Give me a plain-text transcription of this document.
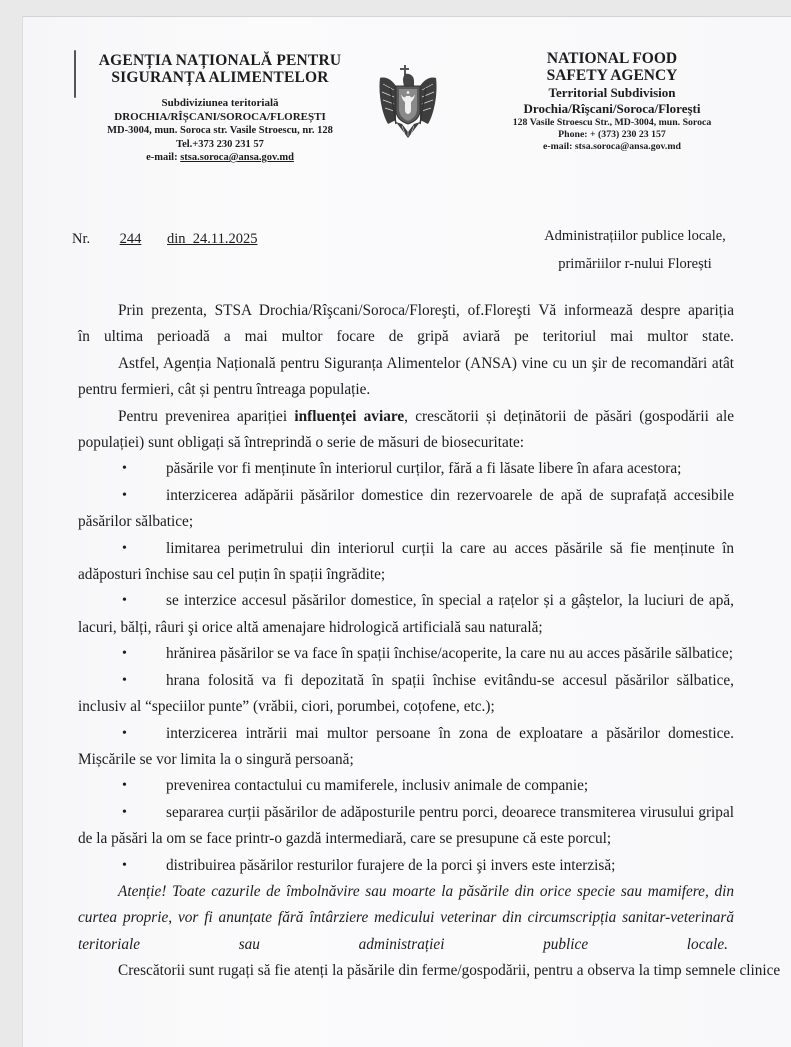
AGENȚIA NAȚIONALĂ PENTRU
SIGURANȚA ALIMENTELOR
Subdiviziunea teritorială
DROCHIA/RÎȘCANI/SOROCA/FLOREȘTI
MD-3004, mun. Soroca str. Vasile Stroescu, nr. 128
Tel.+373 230 231 57
e-mail: stsa.soroca@ansa.gov.md
NATIONAL FOOD
SAFETY AGENCY
Territorial Subdivision
Drochia/Rîşcani/Soroca/Floreşti
128 Vasile Stroescu Str., MD-3004, mun. Soroca
Phone: + (373) 230 23 157
e-mail: stsa.soroca@ansa.gov.md
Nr. 244 din  24.11.2025	Administrațiilor publice locale,
primăriilor r-nului Florești

Prin prezenta, STSA Drochia/Rîşcani/Soroca/Floreşti, of.Floreşti Vă informează despre apariția

în ultima perioadă a mai multor focare de gripă aviară pe teritoriul mai multor state.

Astfel, Agenția Națională pentru Siguranța Alimentelor (ANSA) vine cu un şir de recomandări atât pentru fermieri, cât și pentru întreaga populație.

Pentru prevenirea apariției influenței aviare, crescătorii și deținătorii de păsări (gospodării ale populației) sunt obligați să întreprindă o serie de măsuri de biosecuritate:

•	păsările vor fi menținute în interiorul curților, fără a fi lăsate libere în afara acestora;

•	interzicerea adăpării păsărilor domestice din rezervoarele de apă de suprafață accesibile păsărilor sălbatice;

•	limitarea perimetrului din interiorul curții la care au acces păsările să fie menținute în adăposturi închise sau cel puțin în spații îngrădite;

•	se interzice accesul păsărilor domestice, în special a rațelor și a gâștelor, la luciuri de apă, lacuri, bălți, râuri şi orice altă amenajare hidrologică artificială sau naturală;

•	hrănirea păsărilor se va face în spații închise/acoperite, la care nu au acces păsările sălbatice;

•	hrana folosită va fi depozitată în spații închise evitându-se accesul păsărilor sălbatice, inclusiv al “speciilor punte” (vrăbii, ciori, porumbei, coțofene, etc.);

•	interzicerea intrării mai multor persoane în zona de exploatare a păsărilor domestice. Mișcările se vor limita la o singură persoană;

•	prevenirea contactului cu mamiferele, inclusiv animale de companie;

•	separarea curții păsărilor de adăposturile pentru porci, deoarece transmiterea virusului gripal de la păsări la om se face printr-o gazdă intermediară, care se presupune că este porcul;

•	distribuirea păsărilor resturilor furajere de la porci şi invers este interzisă;

Atenție! Toate cazurile de îmbolnăvire sau moarte la păsările din orice specie sau mamifere, din

curtea proprie, vor fi anunțate fără întârziere medicului veterinar din circumscripția sanitar-veterinară

teritoriale	sau	administrației	publice	locale.

Crescătorii sunt rugați să fie atenți la păsările din ferme/gospodării, pentru a observa la timp semnele clinice
